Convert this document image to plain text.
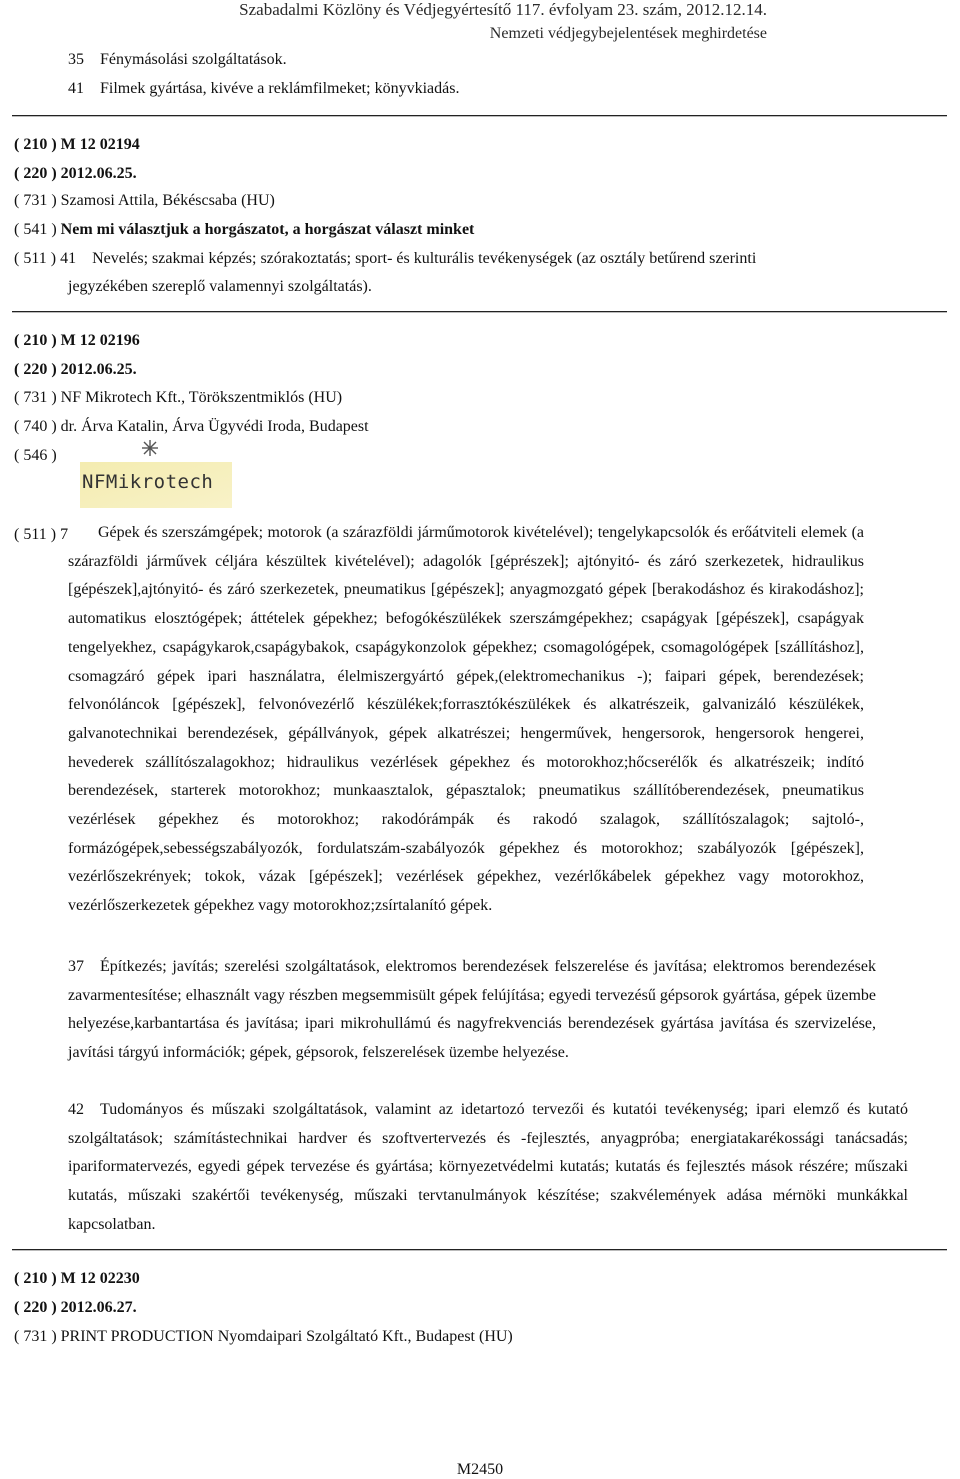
Szabadalmi Közlöny és Védjegyértesítő 117. évfolyam 23. szám, 2012.12.14.
Nemzeti védjegybejelentések meghirdetése
35 Fénymásolási szolgáltatások.
41 Filmek gyártása, kivéve a reklámfilmeket; könyvkiadás.
( 210 ) M 12 02194
( 220 ) 2012.06.25.
( 731 ) Szamosi Attila, Békéscsaba (HU)
( 541 ) Nem mi választjuk a horgászatot, a horgászat választ minket
( 511 ) 41 Nevelés; szakmai képzés; szórakoztatás; sport- és kulturális tevékenységek (az osztály betűrend szerinti
jegyzékében szereplő valamennyi szolgáltatás).
( 210 ) M 12 02196
( 220 ) 2012.06.25.
( 731 ) NF Mikrotech Kft., Törökszentmiklós (HU)
( 740 ) dr. Árva Katalin, Árva Ügyvédi Iroda, Budapest
( 546 )
NFMikrotech
( 511 ) 7	Gépek és szerszámgépek; motorok (a szárazföldi járműmotorok kivételével); tengelykapcsolók és erőátviteli elemek (a szárazföldi járművek céljára készültek kivételével); adagolók [géprészek]; ajtónyitó- és záró szerkezetek, hidraulikus [gépészek],ajtónyitó- és záró szerkezetek, pneumatikus [gépészek]; anyagmozgató gépek [berakodáshoz és kirakodáshoz]; automatikus elosztógépek; áttételek gépekhez; befogókészülékek szerszámgépekhez; csapágyak [gépészek], csapágyak tengelyekhez, csapágykarok,csapágybakok, csapágykonzolok gépekhez; csomagológépek, csomagológépek [szállításhoz], csomagzáró gépek ipari használatra, élelmiszergyártó gépek,(elektromechanikus -); faipari gépek, berendezések; felvonóláncok [gépészek], felvonóvezérlő készülékek;forrasztókészülékek és alkatrészeik, galvanizáló készülékek, galvanotechnikai berendezések, gépállványok, gépek alkatrészei; hengerművek, hengersorok, hengersorok hengerei, hevederek szállítószalagokhoz; hidraulikus vezérlések gépekhez és motorokhoz;hőcserélők és alkatrészeik; indító berendezések, starterek motorokhoz; munkaasztalok, gépasztalok; pneumatikus szállítóberendezések, pneumatikus vezérlések gépekhez és motorokhoz; rakodórámpák és rakodó szalagok, szállítószalagok; sajtoló-, formázógépek,sebességszabályozók, fordulatszám-szabályozók gépekhez és motorokhoz; szabályozók [gépészek], vezérlőszekrények; tokok, vázak [gépészek]; vezérlések gépekhez, vezérlőkábelek gépekhez vagy motorokhoz, vezérlőszerkezetek gépekhez vagy motorokhoz;zsírtalanító gépek.
37 Építkezés; javítás; szerelési szolgáltatások, elektromos berendezések felszerelése és javítása; elektromos berendezések zavarmentesítése; elhasznált vagy részben megsemmisült gépek felújítása; egyedi tervezésű gépsorok gyártása, gépek üzembe helyezése,karbantartása és javítása; ipari mikrohullámú és nagyfrekvenciás berendezések gyártása javítása és szervizelése, javítási tárgyú információk; gépek, gépsorok, felszerelések üzembe helyezése.
42 Tudományos és műszaki szolgáltatások, valamint az idetartozó tervezői és kutatói tevékenység; ipari elemző és kutató szolgáltatások; számítástechnikai hardver és szoftvertervezés és -fejlesztés, anyagpróba; energiatakarékossági tanácsadás; ipariformatervezés, egyedi gépek tervezése és gyártása; környezetvédelmi kutatás; kutatás és fejlesztés mások részére; műszaki kutatás, műszaki szakértői tevékenység, műszaki tervtanulmányok készítése; szakvélemények adása mérnöki munkákkal kapcsolatban.
( 210 ) M 12 02230
( 220 ) 2012.06.27.
( 731 ) PRINT PRODUCTION Nyomdaipari Szolgáltató Kft., Budapest (HU)
M2450
